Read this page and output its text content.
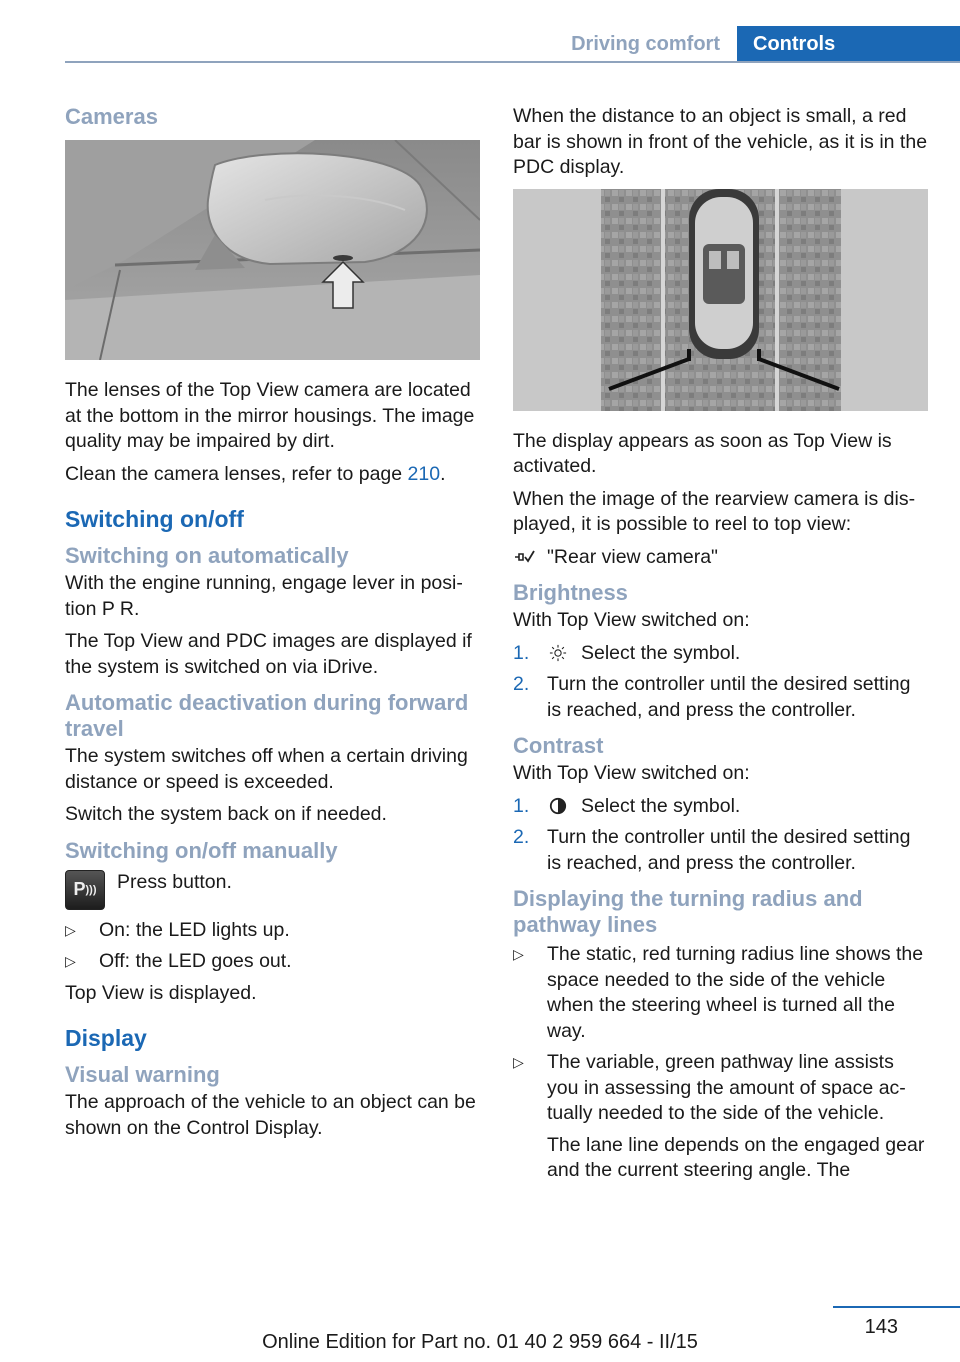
Driving comfort	Controls
Cameras

The lenses of the Top View camera are located at the bottom in the mirror housings. The image quality may be impaired by dirt.

Clean the camera lenses, refer to page 210.

Switching on/off
Switching on automatically

With the engine running, engage lever in position P R.

The Top View and PDC images are displayed if the system is switched on via iDrive.

Automatic deactivation during forward travel

The system switches off when a certain driving distance or speed is exceeded.

Switch the system back on if needed.

Switching on/off manually
P ))) Press button.
▷	On: the LED lights up.
▷	Off: the LED goes out.

Top View is displayed.

Display
Visual warning

The approach of the vehicle to an object can be shown on the Control Display.

When the distance to an object is small, a red bar is shown in front of the vehicle, as it is in the PDC display.

The display appears as soon as Top View is activated.

When the image of the rearview camera is displayed, it is possible to reel to top view:

"Rear view camera"

Brightness

With Top View switched on:

1.	Select the symbol.
2. Turn the controller until the desired setting is reached, and press the controller.
Contrast

With Top View switched on:

1.	Select the symbol.
2. Turn the controller until the desired setting is reached, and press the controller.
Displaying the turning radius and pathway lines
▷	The static, red turning radius line shows the space needed to the side of the vehicle when the steering wheel is turned all the way.
▷	The variable, green pathway line assists you in assessing the amount of space actually needed to the side of the vehicle.
The lane line depends on the engaged gear and the current steering angle. The
143
Online Edition for Part no. 01 40 2 959 664 - II/15
